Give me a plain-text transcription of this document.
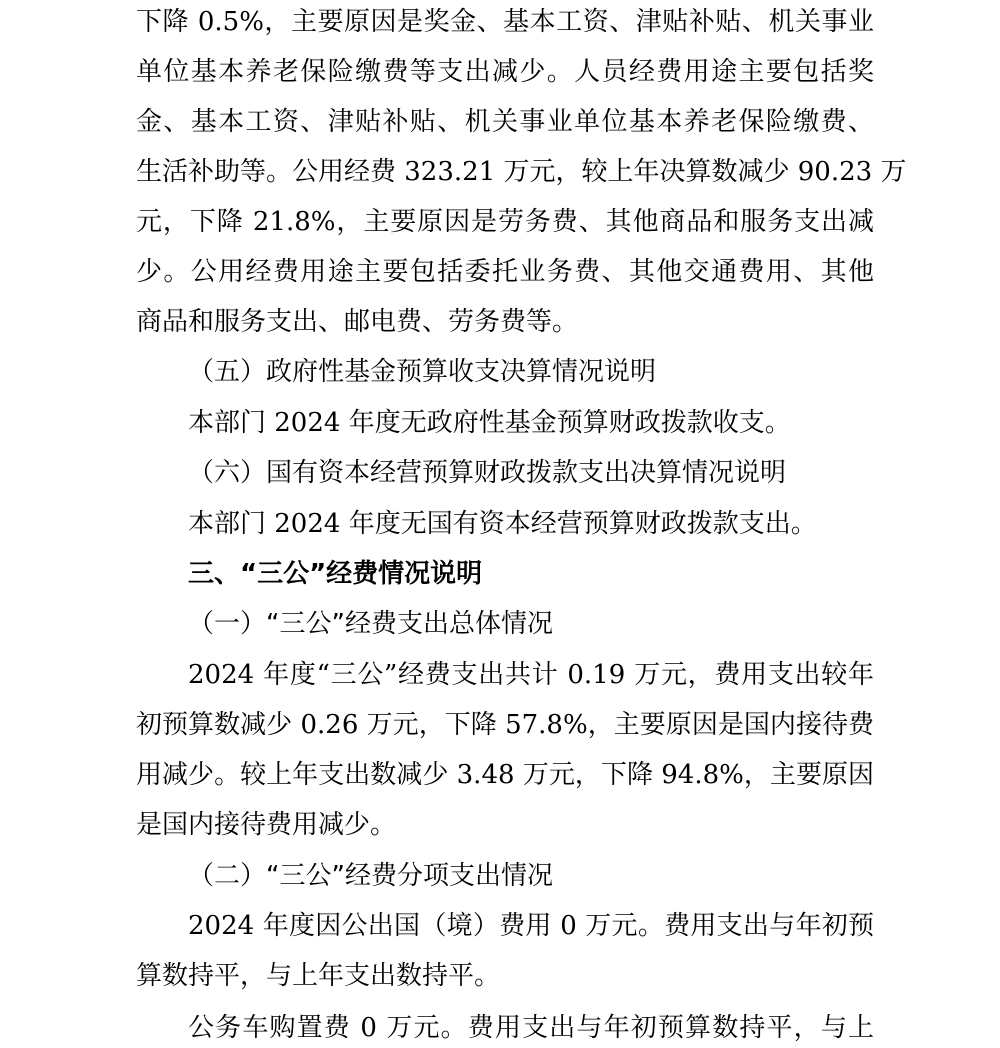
下降 0.5%，主要原因是奖金、基本工资、津贴补贴、机关事业
单位基本养老保险缴费等支出减少。人员经费用途主要包括奖
金、基本工资、津贴补贴、机关事业单位基本养老保险缴费、
生活补助等。公用经费 323.21 万元，较上年决算数减少 90.23 万
元，下降 21.8%，主要原因是劳务费、其他商品和服务支出减
少。公用经费用途主要包括委托业务费、其他交通费用、其他
商品和服务支出、邮电费、劳务费等。
（五）政府性基金预算收支决算情况说明
本部门 2024 年度无政府性基金预算财政拨款收支。
（六）国有资本经营预算财政拨款支出决算情况说明
本部门 2024 年度无国有资本经营预算财政拨款支出。
三、“三公”经费情况说明
（一）“三公”经费支出总体情况
2024 年度“三公”经费支出共计 0.19 万元，费用支出较年
初预算数减少 0.26 万元，下降 57.8%，主要原因是国内接待费
用减少。较上年支出数减少 3.48 万元，下降 94.8%，主要原因
是国内接待费用减少。
（二）“三公”经费分项支出情况
2024 年度因公出国（境）费用 0 万元。费用支出与年初预
算数持平，与上年支出数持平。
公务车购置费 0 万元。费用支出与年初预算数持平，与上
